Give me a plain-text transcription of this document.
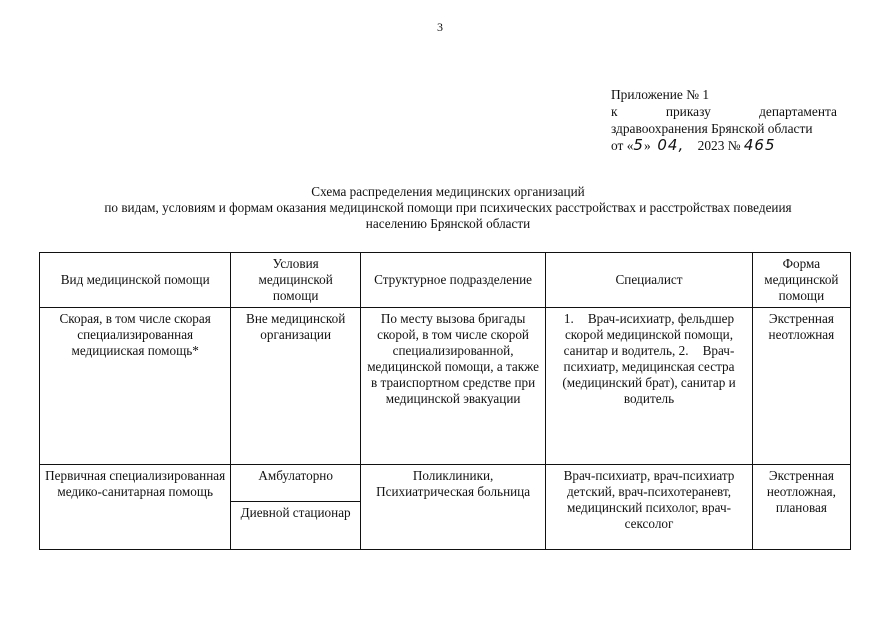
3
Приложение № 1
к	приказу	департамента
здравоохранения Брянской области
от «5» 04, 2023 № 465
Схема распределения медицинских организаций
по видам, условиям и формам оказания медицинской помощи при психических расстройствах и расстройствах поведеиия
населению Брянской области
Вид медицинской помощи	Условия медицинской помощи	Структурное подразделение	Специалист	Форма медицинской помощи
Скорая, в том числе скорая специализированная медицииская помощь*	Вне медицинской организации	По месту вызова бригады скорой, в том числе скорой специализированной, медицинской помощи, а также в траиспортном средстве при медицинской эвакуации	1. Врач-исихиатр, фельдшер скорой медицинской помощи, санитар и водитель, 2. Врач-психиатр, медицинская сестра (медицинский брат), санитар и водитель	Экстренная неотложная
Первичная специализированная медико-санитарная помощь	Амбулаторно	Поликлиники, Психиатрическая больница	Врач-психиатр, врач-психиатр детский, врач-психотераневт, медицинский психолог, врач-сексолог	Экстренная неотложная, плановая
	Диевной стационар			
